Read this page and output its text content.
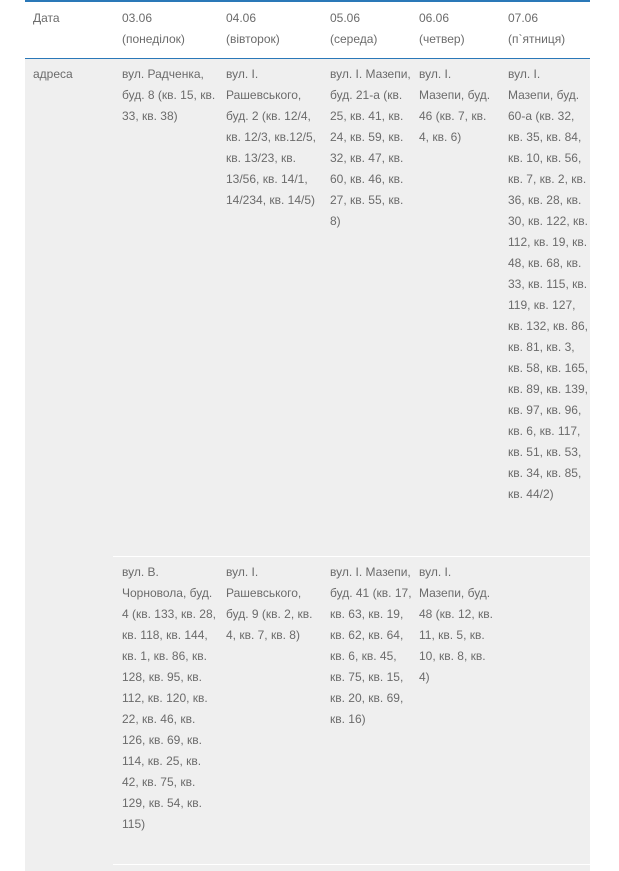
Дата	03.06
(понеділок)
04.06
(вівторок)
05.06
(середа)
06.06
(четвер)
07.06
(п`ятниця)
адреса	вул. Радченка, буд. 8 (кв. 15, кв. 33, кв. 38)
вул. І. Рашевського, буд. 2 (кв. 12/4, кв. 12/3, кв.12/5, кв. 13/23, кв. 13/56, кв. 14/1, 14/234, кв. 14/5)
вул. І. Мазепи, буд. 21-а (кв. 25, кв. 41, кв. 24, кв. 59, кв. 32, кв. 47, кв. 60, кв. 46, кв. 27, кв. 55, кв. 8)
вул. І. Мазепи, буд. 46 (кв. 7, кв. 4, кв. 6)
вул. І. Мазепи, буд. 60-а (кв. 32, кв. 35, кв. 84, кв. 10, кв. 56, кв. 7, кв. 2, кв. 36, кв. 28, кв. 30, кв. 122, кв. 112, кв. 19, кв. 48, кв. 68, кв. 33, кв. 115, кв. 119, кв. 127, кв. 132, кв. 86, кв. 81, кв. 3, кв. 58, кв. 165, кв. 89, кв. 139, кв. 97, кв. 96, кв. 6, кв. 117, кв. 51, кв. 53, кв. 34, кв. 85, кв. 44/2)
вул. В. Чорновола, буд. 4 (кв. 133, кв. 28, кв. 118, кв. 144, кв. 1, кв. 86, кв. 128, кв. 95, кв. 112, кв. 120, кв. 22, кв. 46, кв. 126, кв. 69, кв. 114, кв. 25, кв. 42, кв. 75, кв. 129, кв. 54, кв. 115)
вул. І. Рашевського, буд. 9 (кв. 2, кв. 4, кв. 7, кв. 8)
вул. І. Мазепи, буд. 41 (кв. 17, кв. 63, кв. 19, кв. 62, кв. 64, кв. 6, кв. 45, кв. 75, кв. 15, кв. 20, кв. 69, кв. 16)
вул. І. Мазепи, буд. 48 (кв. 12, кв. 11, кв. 5, кв. 10, кв. 8, кв. 4)
